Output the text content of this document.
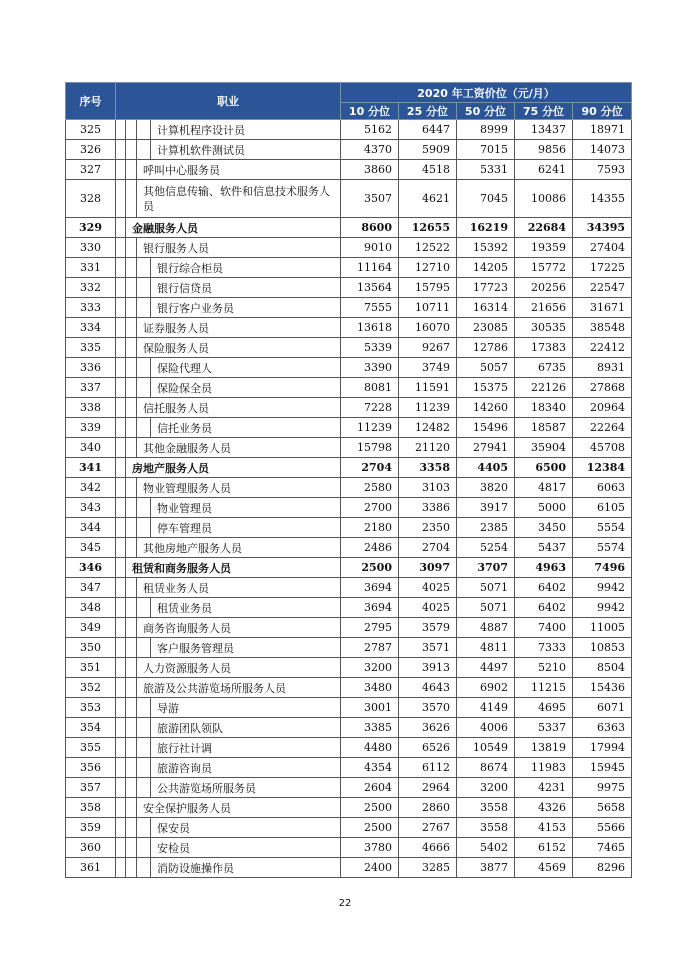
序号	职业				2020 年工资价位（元/月）				
					10 分位	25 分位	50 分位	75 分位	90 分位
325				计算机程序设计员	5162	6447	8999	13437	18971
326				计算机软件测试员	4370	5909	7015	9856	14073
327			呼叫中心服务员		3860	4518	5331	6241	7593
328			其他信息传输、软件和信息技术服务人员		3507	4621	7045	10086	14355
329		金融服务人员			8600	12655	16219	22684	34395
330			银行服务人员		9010	12522	15392	19359	27404
331				银行综合柜员	11164	12710	14205	15772	17225
332				银行信贷员	13564	15795	17723	20256	22547
333				银行客户业务员	7555	10711	16314	21656	31671
334			证券服务人员		13618	16070	23085	30535	38548
335			保险服务人员		5339	9267	12786	17383	22412
336				保险代理人	3390	3749	5057	6735	8931
337				保险保全员	8081	11591	15375	22126	27868
338			信托服务人员		7228	11239	14260	18340	20964
339				信托业务员	11239	12482	15496	18587	22264
340			其他金融服务人员		15798	21120	27941	35904	45708
341		房地产服务人员			2704	3358	4405	6500	12384
342			物业管理服务人员		2580	3103	3820	4817	6063
343				物业管理员	2700	3386	3917	5000	6105
344				停车管理员	2180	2350	2385	3450	5554
345			其他房地产服务人员		2486	2704	5254	5437	5574
346		租赁和商务服务人员			2500	3097	3707	4963	7496
347			租赁业务人员		3694	4025	5071	6402	9942
348				租赁业务员	3694	4025	5071	6402	9942
349			商务咨询服务人员		2795	3579	4887	7400	11005
350				客户服务管理员	2787	3571	4811	7333	10853
351			人力资源服务人员		3200	3913	4497	5210	8504
352			旅游及公共游览场所服务人员		3480	4643	6902	11215	15436
353				导游	3001	3570	4149	4695	6071
354				旅游团队领队	3385	3626	4006	5337	6363
355				旅行社计调	4480	6526	10549	13819	17994
356				旅游咨询员	4354	6112	8674	11983	15945
357				公共游览场所服务员	2604	2964	3200	4231	9975
358			安全保护服务人员		2500	2860	3558	4326	5658
359				保安员	2500	2767	3558	4153	5566
360				安检员	3780	4666	5402	6152	7465
361				消防设施操作员	2400	3285	3877	4569	8296
22
